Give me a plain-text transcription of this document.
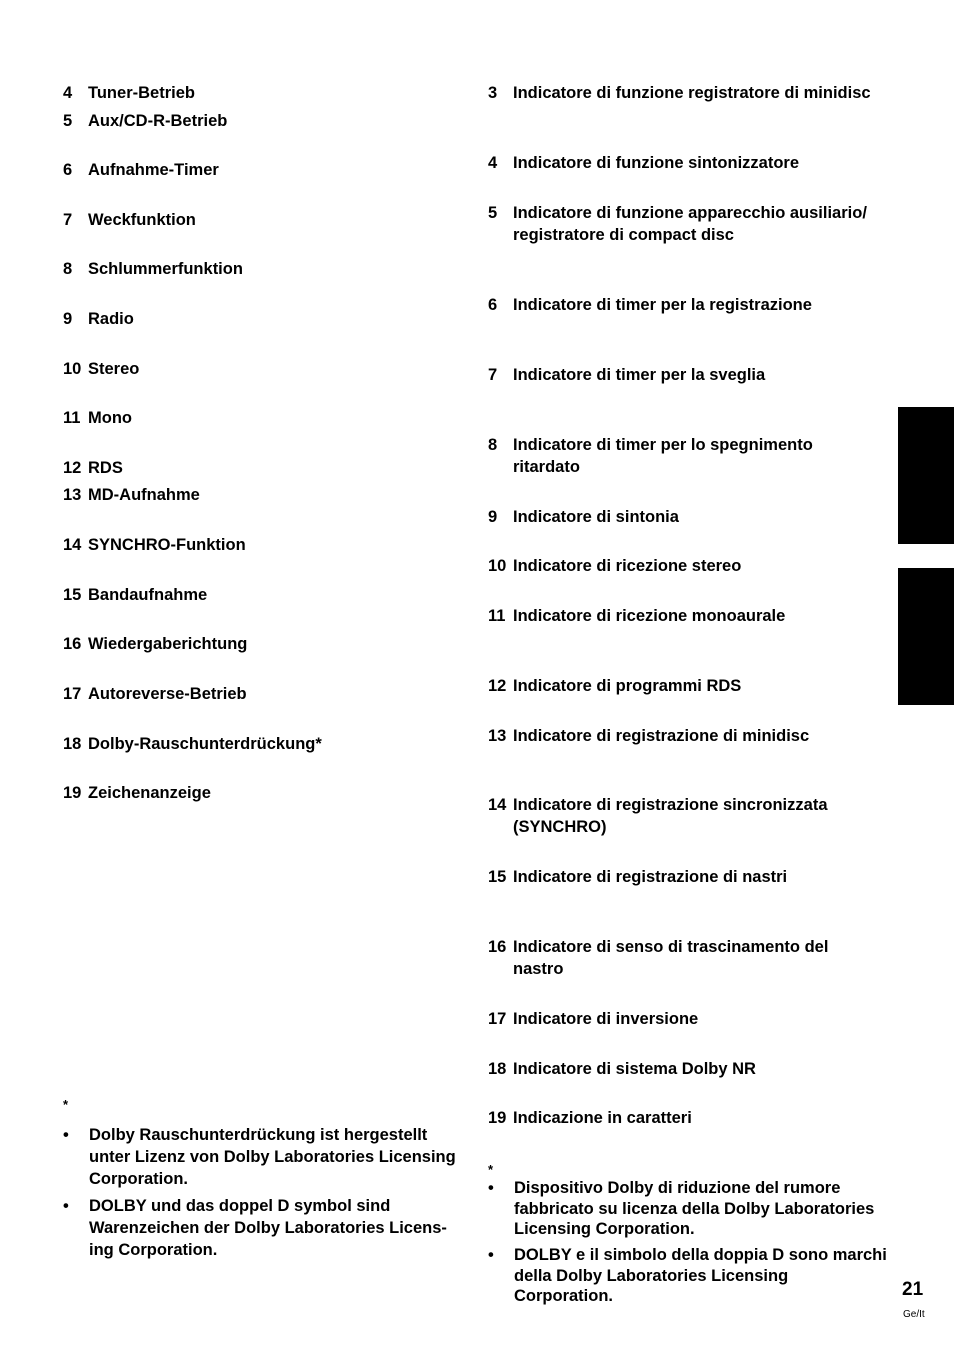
4 Tuner-Betrieb
5 Aux/CD-R-Betrieb
6 Aufnahme-Timer
7 Weckfunktion
8 Schlummerfunktion
9 Radio
10 Stereo
11 Mono
12 RDS
13 MD-Aufnahme
14 SYNCHRO-Funktion
15 Bandaufnahme
16 Wiedergaberichtung
17 Autoreverse-Betrieb
18 Dolby-Rauschunterdrückung*
19 Zeichenanzeige
*
•	Dolby Rauschunterdrückung ist hergestellt unter Lizenz von Dolby Laboratories Licensing Corporation.
•	DOLBY und das doppel D symbol sind Warenzeichen der Dolby Laboratories Licens- ing Corporation.
3 Indicatore di funzione registratore di minidisc
4 Indicatore di funzione sintonizzatore
5 Indicatore di funzione apparecchio ausiliario/ registratore di compact disc
6 Indicatore di timer per la registrazione
7 Indicatore di timer per la sveglia
8 Indicatore di timer per lo spegnimento ritardato
9 Indicatore di sintonia
10 Indicatore di ricezione stereo
11 Indicatore di ricezione monoaurale
12 Indicatore di programmi RDS
13 Indicatore di registrazione di minidisc
14 Indicatore di registrazione sincronizzata (SYNCHRO)
15 Indicatore di registrazione di nastri
16 Indicatore di senso di trascinamento del nastro
17 Indicatore di inversione
18 Indicatore di sistema Dolby NR
19 Indicazione in caratteri
*
•	Dispositivo Dolby di riduzione del rumore fabbricato su licenza della Dolby Laboratories Licensing Corporation.
•	DOLBY e il simbolo della doppia D sono marchi della Dolby Laboratories Licensing Corporation.	21
Ge/It
